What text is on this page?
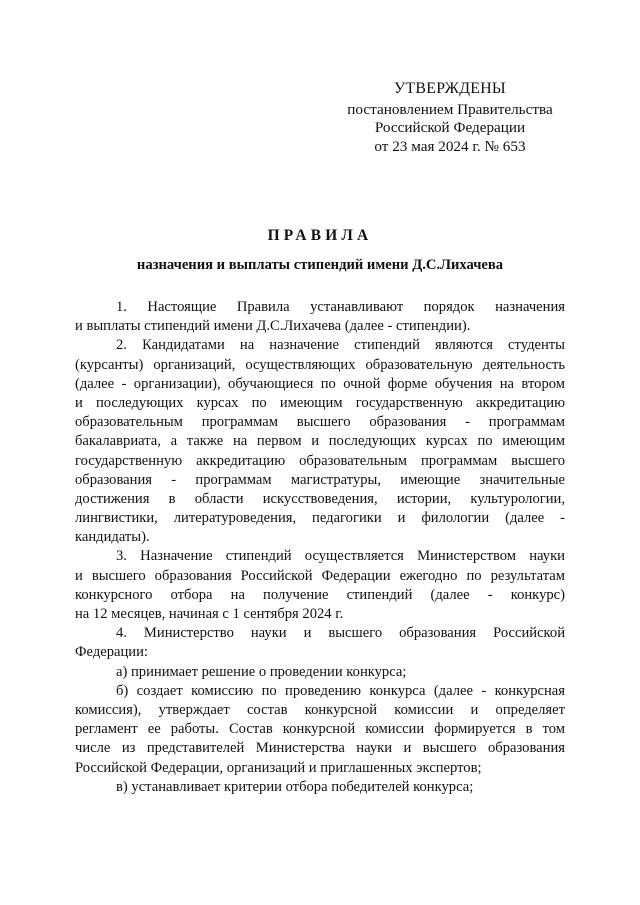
УТВЕРЖДЕНЫ
постановлением Правительства
Российской Федерации
от 23 мая 2024 г. № 653
ПРАВИЛА
назначения и выплаты стипендий имени Д.С.Лихачева
1. Настоящие Правила устанавливают порядок назначения
и выплаты стипендий имени Д.С.Лихачева (далее - стипендии).
2. Кандидатами на назначение стипендий являются студенты
(курсанты) организаций, осуществляющих образовательную деятельность
(далее - организации), обучающиеся по очной форме обучения на втором
и последующих курсах по имеющим государственную аккредитацию
образовательным программам высшего образования - программам
бакалавриата, а также на первом и последующих курсах по имеющим
государственную аккредитацию образовательным программам высшего
образования - программам магистратуры, имеющие значительные
достижения в области искусствоведения, истории, культурологии,
лингвистики, литературоведения, педагогики и филологии (далее -
кандидаты).
3. Назначение стипендий осуществляется Министерством науки
и высшего образования Российской Федерации ежегодно по результатам
конкурсного отбора на получение стипендий (далее - конкурс)
на 12 месяцев, начиная с 1 сентября 2024 г.
4. Министерство науки и высшего образования Российской
Федерации:
а) принимает решение о проведении конкурса;
б) создает комиссию по проведению конкурса (далее - конкурсная
комиссия), утверждает состав конкурсной комиссии и определяет
регламент ее работы. Состав конкурсной комиссии формируется в том
числе из представителей Министерства науки и высшего образования
Российской Федерации, организаций и приглашенных экспертов;
в) устанавливает критерии отбора победителей конкурса;
